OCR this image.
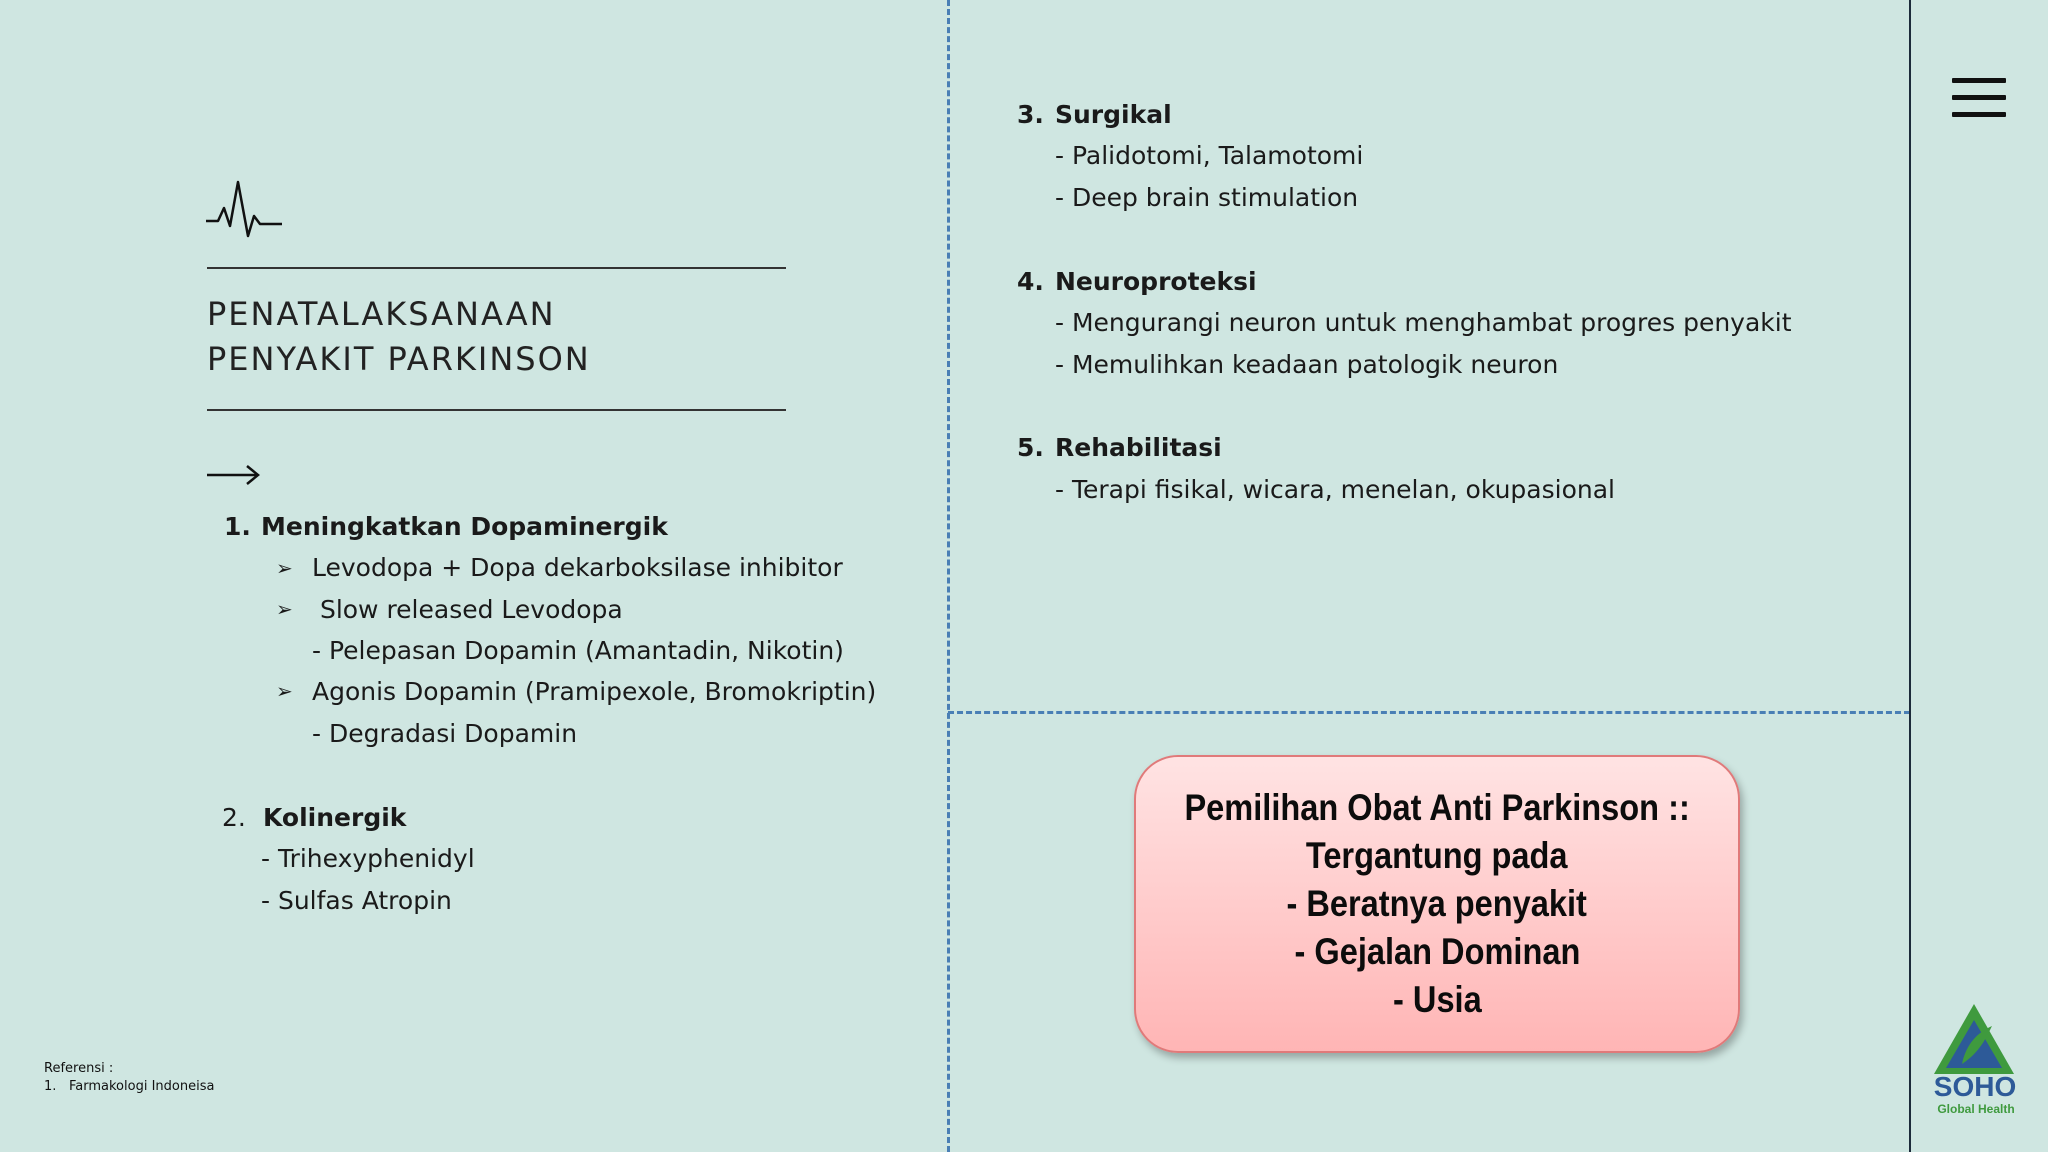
PENATALAKSANAAN
PENYAKIT PARKINSON
1. Meningkatkan Dopaminergik
➢ Levodopa + Dopa dekarboksilase inhibitor
➢ Slow released Levodopa
- Pelepasan Dopamin (Amantadin, Nikotin)
➢ Agonis Dopamin (Pramipexole, Bromokriptin)
- Degradasi Dopamin
2. Kolinergik
- Trihexyphenidyl
- Sulfas Atropin
3. Surgikal
- Palidotomi, Talamotomi
- Deep brain stimulation
4. Neuroproteksi
- Mengurangi neuron untuk menghambat progres penyakit
- Memulihkan keadaan patologik neuron
5. Rehabilitasi
- Terapi fisikal, wicara, menelan, okupasional
Pemilihan Obat Anti Parkinson ::
Tergantung pada
- Beratnya penyakit
- Gejalan Dominan
- Usia
Referensi :
1. Farmakologi Indoneisa	SOHO
Global Health
